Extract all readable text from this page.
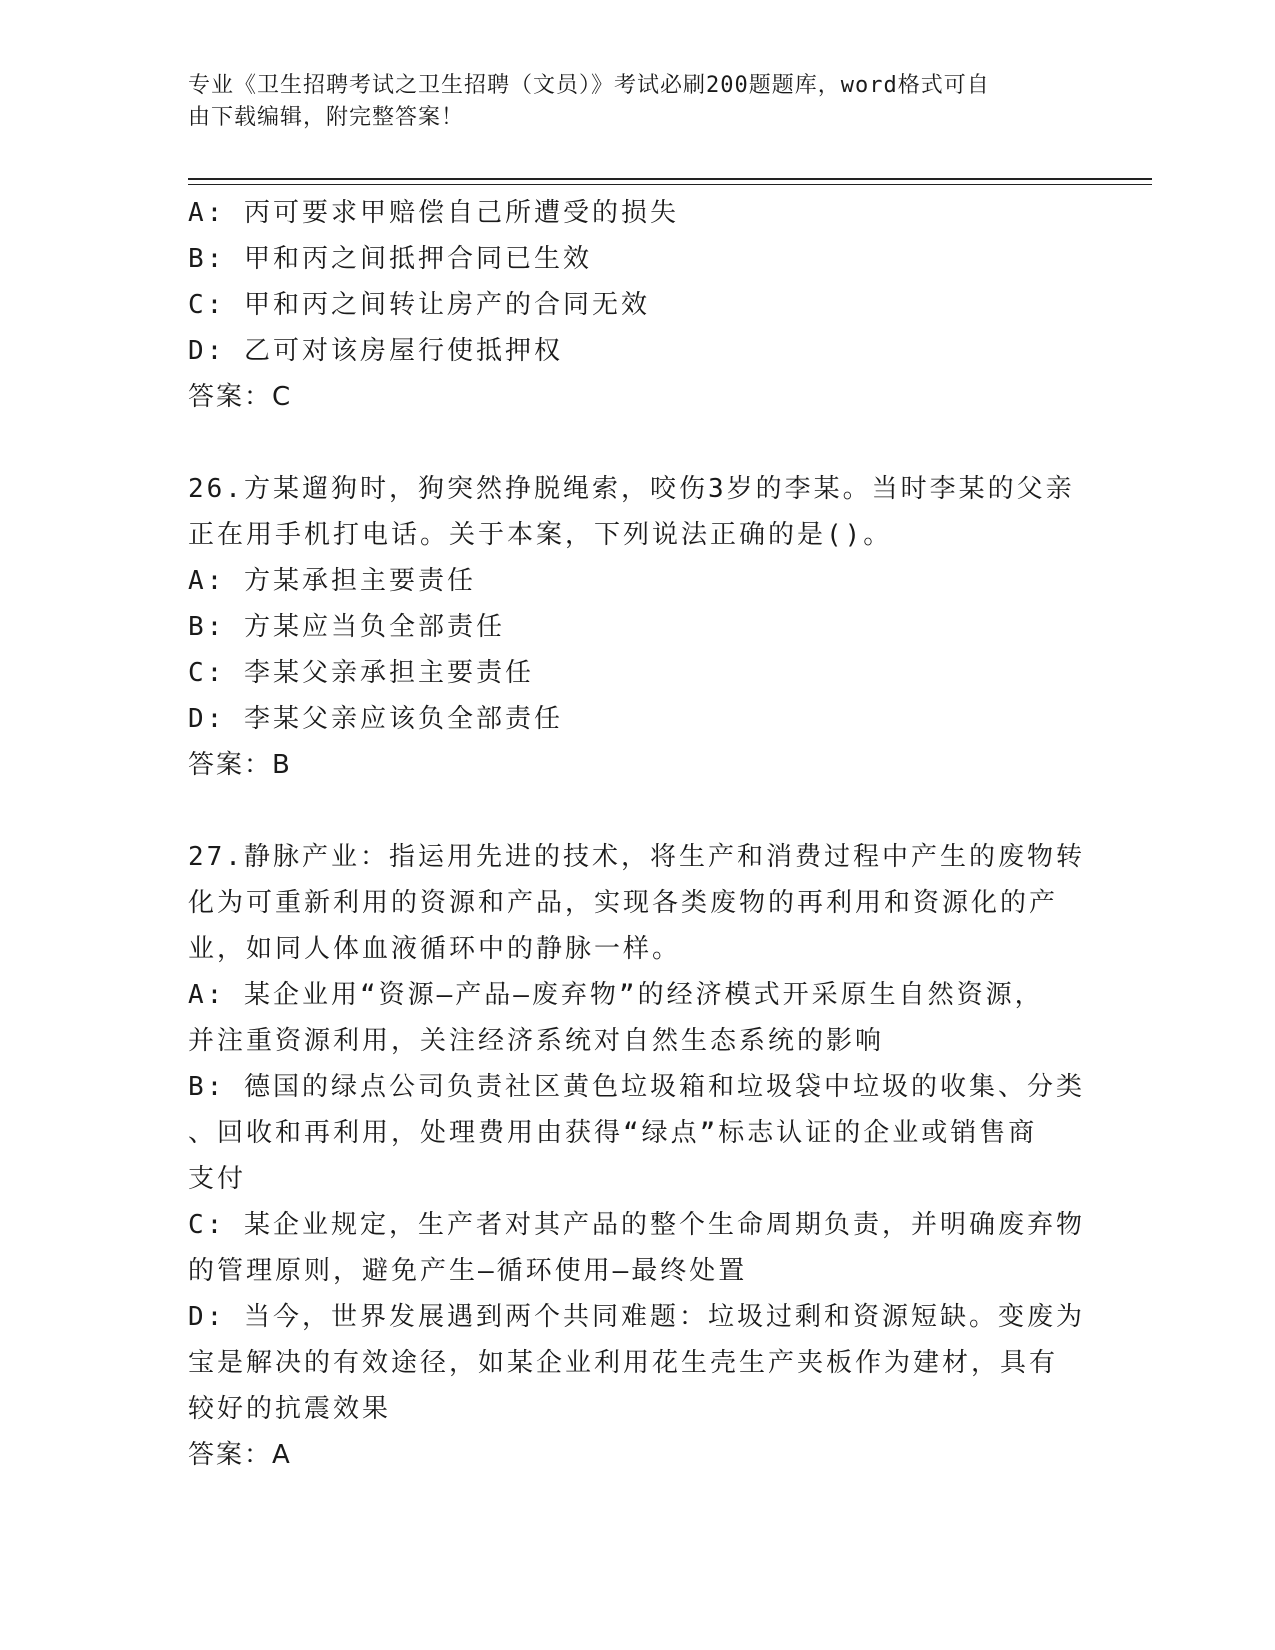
专业《卫生招聘考试之卫生招聘（文员）》考试必刷200题题库，word格式可自
由下载编辑，附完整答案！
A: 丙可要求甲赔偿自己所遭受的损失
B: 甲和丙之间抵押合同已生效
C: 甲和丙之间转让房产的合同无效
D: 乙可对该房屋行使抵押权
答案：C
26.方某遛狗时，狗突然挣脱绳索，咬伤3岁的李某。当时李某的父亲
正在用手机打电话。关于本案，下列说法正确的是()。
A: 方某承担主要责任
B: 方某应当负全部责任
C: 李某父亲承担主要责任
D: 李某父亲应该负全部责任
答案：B
27.静脉产业：指运用先进的技术，将生产和消费过程中产生的废物转
化为可重新利用的资源和产品，实现各类废物的再利用和资源化的产
业，如同人体血液循环中的静脉一样。
A: 某企业用“资源—产品—废弃物”的经济模式开采原生自然资源，
并注重资源利用，关注经济系统对自然生态系统的影响
B: 德国的绿点公司负责社区黄色垃圾箱和垃圾袋中垃圾的收集、分类
、回收和再利用，处理费用由获得“绿点”标志认证的企业或销售商
支付
C: 某企业规定，生产者对其产品的整个生命周期负责，并明确废弃物
的管理原则，避免产生—循环使用—最终处置
D: 当今，世界发展遇到两个共同难题：垃圾过剩和资源短缺。变废为
宝是解决的有效途径，如某企业利用花生壳生产夹板作为建材，具有
较好的抗震效果
答案：A
